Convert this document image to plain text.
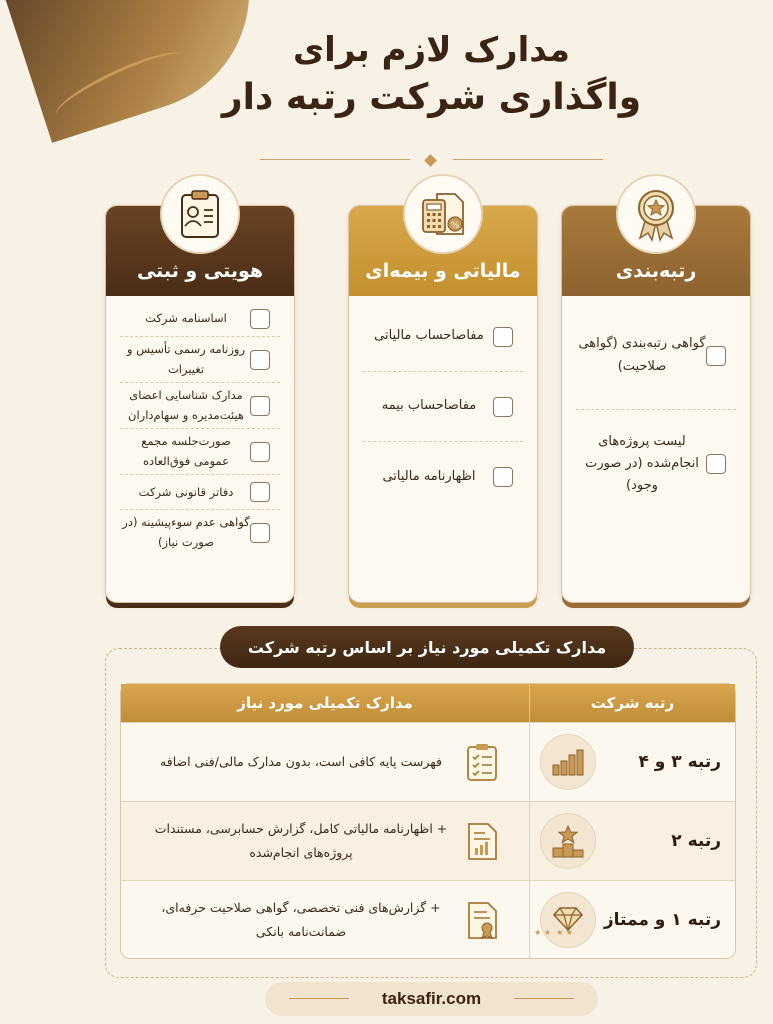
مدارک لازم برای
واگذاری شرکت رتبه دار
رتبه‌بندی
گواهی رتبه‌بندی (گواهی صلاحیت)
لیست پروژه‌های انجام‌شده (در صورت وجود)
%
مالیاتی و بیمه‌ای
مفاصاحساب مالیاتی
مفاصاحساب بیمه
اظهارنامه مالیاتی
هویتی و ثبتی
اساسنامه شرکت
روزنامه رسمی تأسیس و تغییرات
مدارک شناسایی اعضای هیئت‌مدیره و سهام‌داران
صورت‌جلسه مجمع عمومی فوق‌العاده
دفاتر قانونی شرکت
گواهی عدم سوءپیشینه (در صورت نیاز)
مدارک تکمیلی مورد نیاز بر اساس رتبه شرکت
رتبه شرکت
مدارک تکمیلی مورد نیاز
رتبه ۳ و ۴
فهرست پایه کافی است، بدون مدارک مالی/فنی اضافه
رتبه ۲
+ اظهارنامه مالیاتی کامل، گزارش حسابرسی، مستندات پروژه‌های انجام‌شده
رتبه ۱ و ممتاز
★ ★ ★ ★
+ گزارش‌های فنی تخصصی، گواهی صلاحیت حرفه‌ای، ضمانت‌نامه بانکی
taksafir.com
